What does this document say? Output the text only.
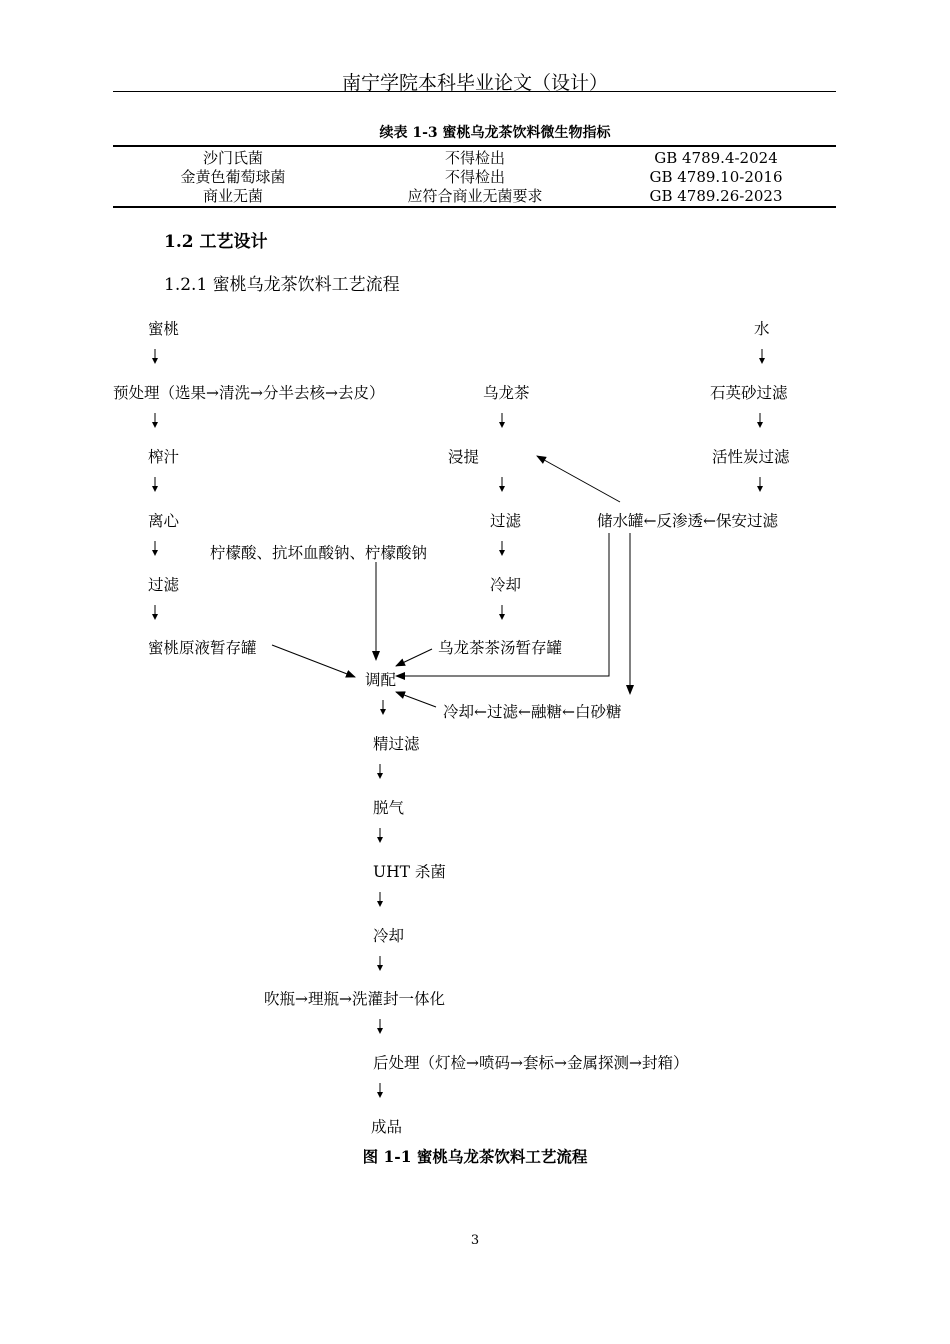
南宁学院本科毕业论文（设计）
续表 1-3 蜜桃乌龙茶饮料微生物指标
沙门氏菌	不得检出	GB 4789.4-2024
金黄色葡萄球菌	不得检出	GB 4789.10-2016
商业无菌	应符合商业无菌要求	GB 4789.26-2023
1.2 工艺设计
1.2.1 蜜桃乌龙茶饮料工艺流程
蜜桃
预处理（选果→清洗→分半去核→去皮）
榨汁
离心
柠檬酸、抗坏血酸钠、柠檬酸钠
过滤
蜜桃原液暂存罐
乌龙茶
浸提
过滤
冷却
乌龙茶茶汤暂存罐
水
石英砂过滤
活性炭过滤
储水罐←反渗透←保安过滤
调配
冷却←过滤←融糖←白砂糖
精过滤
脱气
UHT 杀菌
冷却
吹瓶→理瓶→洗灌封一体化
后处理（灯检→喷码→套标→金属探测→封箱）
成品
图 1-1 蜜桃乌龙茶饮料工艺流程
3
